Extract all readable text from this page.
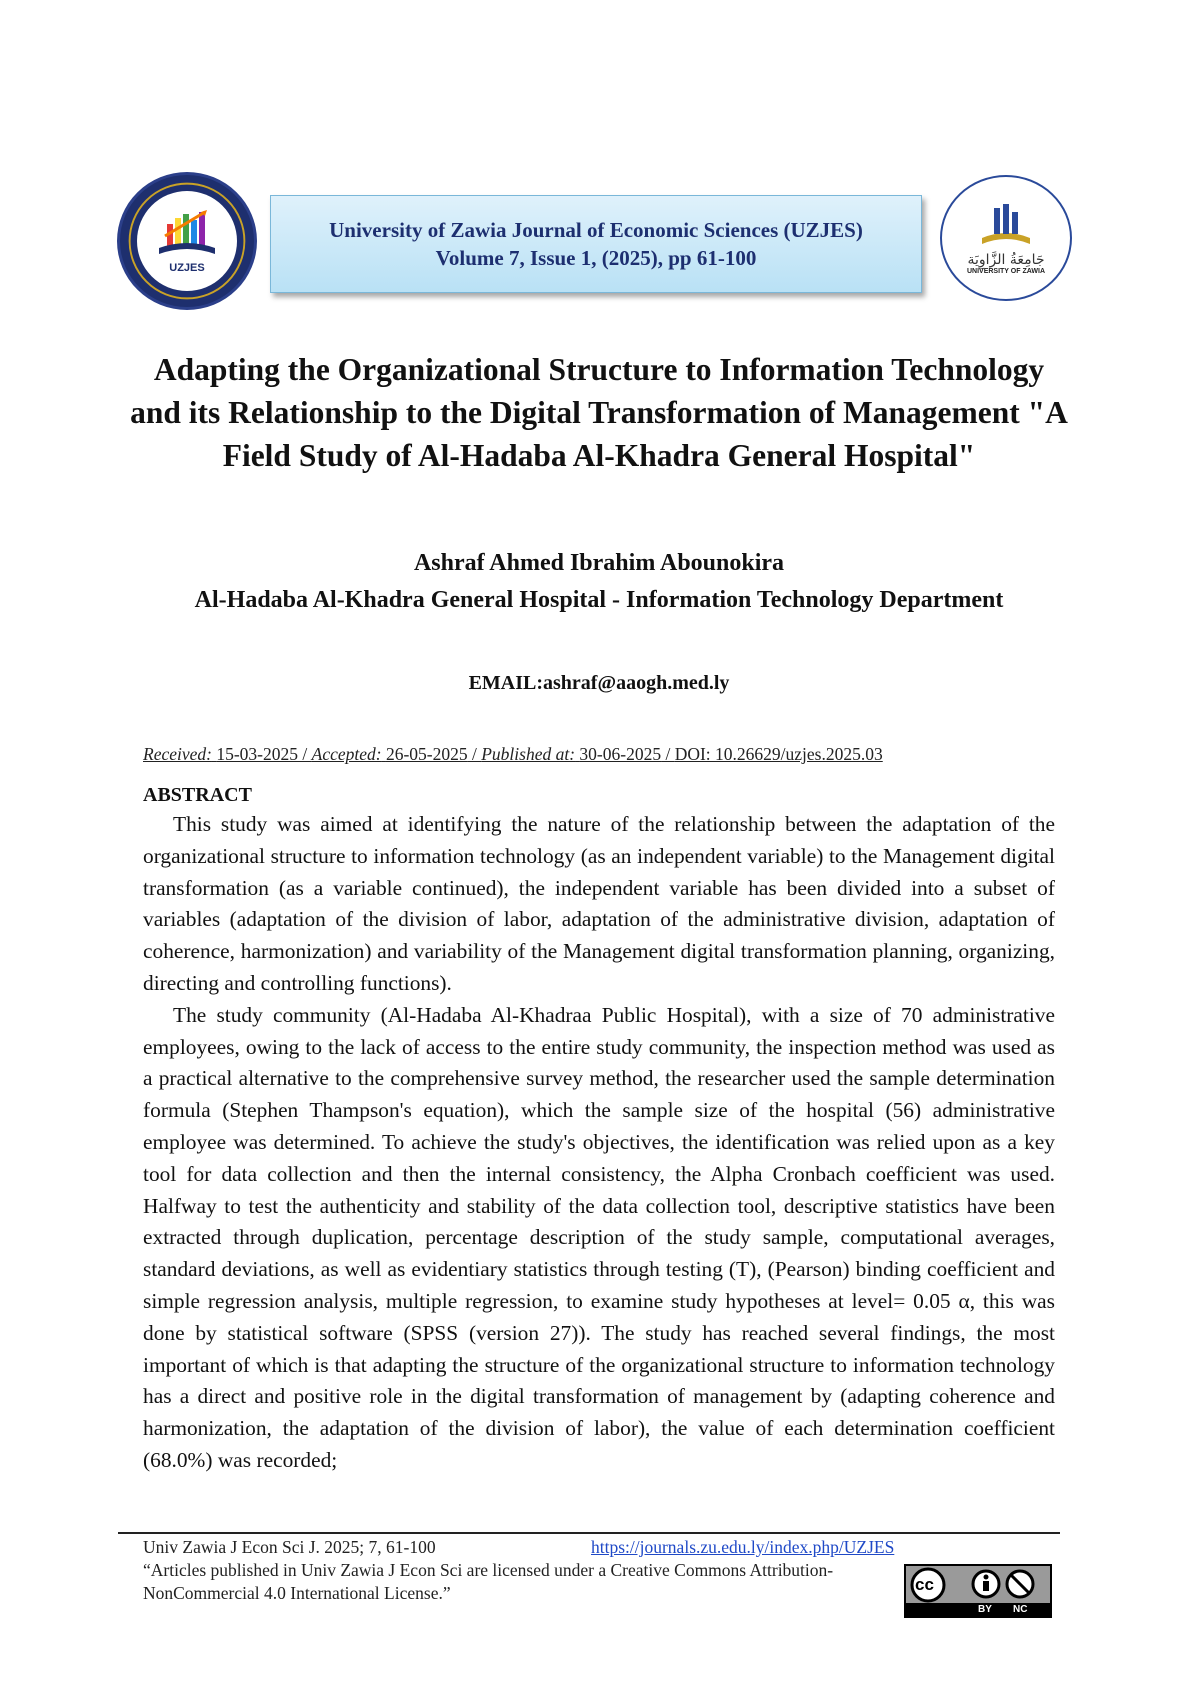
UZJES
University of Zawia Journal of Economic Sciences (UZJES)
Volume 7, Issue 1, (2025), pp 61-100	جَامِعَةُ الزَّاوِيَة
UNIVERSITY OF ZAWIA
Adapting the Organizational Structure to Information Technology and its Relationship to the Digital Transformation of Management "A Field Study of Al-Hadaba Al-Khadra General Hospital"
Ashraf Ahmed Ibrahim Abounokira
Al-Hadaba Al-Khadra General Hospital - Information Technology Department
EMAIL:ashraf@aaogh.med.ly
Received: 15-03-2025 / Accepted: 26-05-2025 / Published at: 30-06-2025 / DOI: 10.26629/uzjes.2025.03
ABSTRACT

This study was aimed at identifying the nature of the relationship between the adaptation of the organizational structure to information technology (as an independent variable) to the Management digital transformation (as a variable continued), the independent variable has been divided into a subset of variables (adaptation of the division of labor, adaptation of the administrative division, adaptation of coherence, harmonization) and variability of the Management digital transformation planning, organizing, directing and controlling functions).

The study community (Al-Hadaba Al-Khadraa Public Hospital), with a size of 70 administrative employees, owing to the lack of access to the entire study community, the inspection method was used as a practical alternative to the comprehensive survey method, the researcher used the sample determination formula (Stephen Thampson's equation), which the sample size of the hospital (56) administrative employee was determined. To achieve the study's objectives, the identification was relied upon as a key tool for data collection and then the internal consistency, the Alpha Cronbach coefficient was used. Halfway to test the authenticity and stability of the data collection tool, descriptive statistics have been extracted through duplication, percentage description of the study sample, computational averages, standard deviations, as well as evidentiary statistics through testing (T), (Pearson) binding coefficient and simple regression analysis, multiple regression, to examine study hypotheses at level= 0.05 α, this was done by statistical software (SPSS (version 27)). The study has reached several findings, the most important of which is that adapting the structure of the organizational structure to information technology has a direct and positive role in the digital transformation of management by (adapting coherence and harmonization, the adaptation of the division of labor), the value of each determination coefficient (68.0%) was recorded;

Univ Zawia J Econ Sci J. 2025; 7, 61-100	https://journals.zu.edu.ly/index.php/UZJES
“Articles published in Univ Zawia J Econ Sci are licensed under a Creative Commons Attribution-NonCommercial 4.0 International License.”	cc
BY NC
